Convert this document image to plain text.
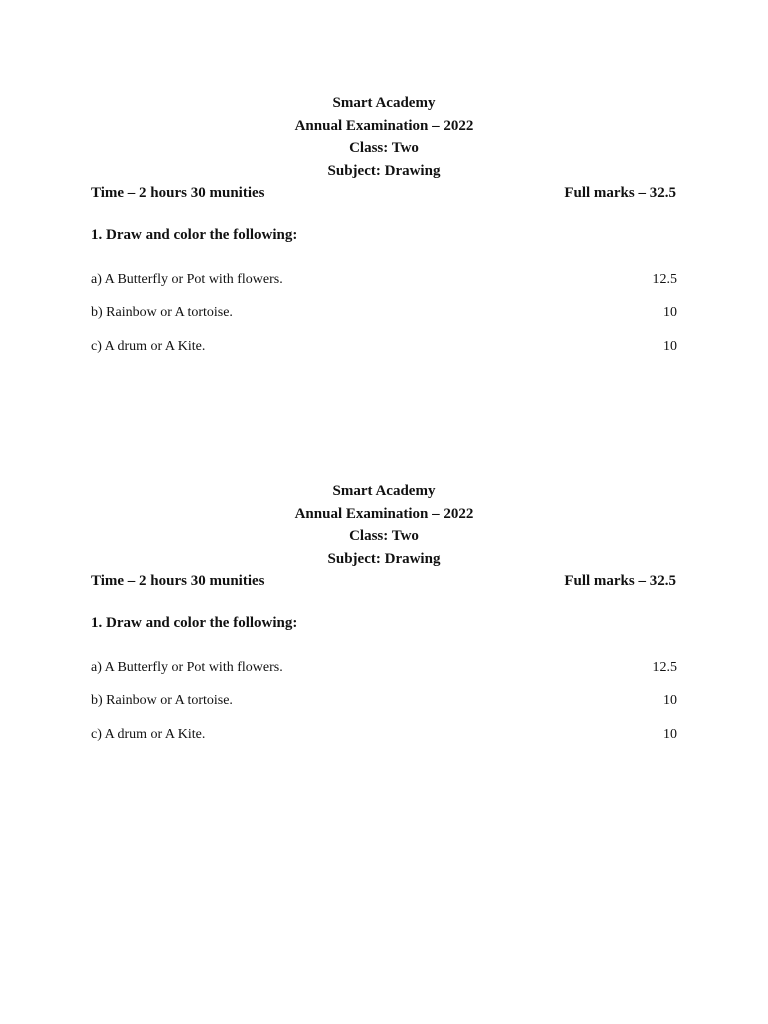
Smart Academy
Annual Examination – 2022
Class: Two
Subject: Drawing
Time – 2 hours 30 munities	Full marks – 32.5
1. Draw and color the following:
a) A Butterfly or Pot with flowers.	12.5
b) Rainbow or A tortoise.	10
c) A drum or A Kite.	10
Smart Academy
Annual Examination – 2022
Class: Two
Subject: Drawing
Time – 2 hours 30 munities	Full marks – 32.5
1. Draw and color the following:
a) A Butterfly or Pot with flowers.	12.5
b) Rainbow or A tortoise.	10
c) A drum or A Kite.	10
